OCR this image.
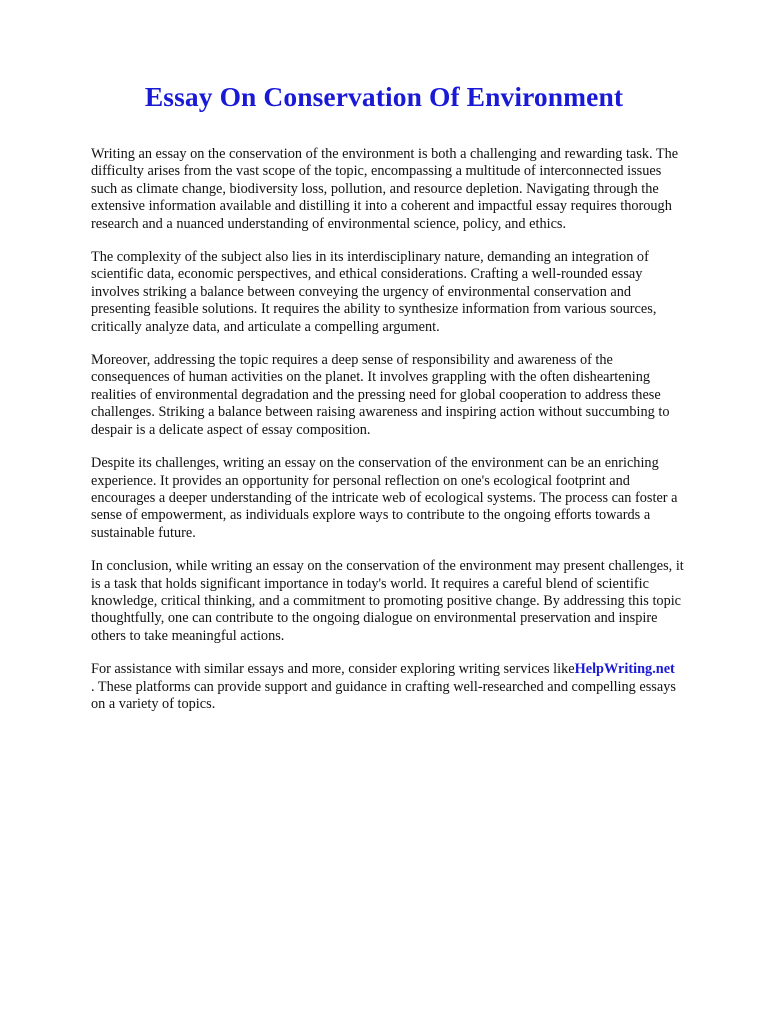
Essay On Conservation Of Environment

Writing an essay on the conservation of the environment is both a challenging and rewarding task. The difficulty arises from the vast scope of the topic, encompassing a multitude of interconnected issues such as climate change, biodiversity loss, pollution, and resource depletion. Navigating through the extensive information available and distilling it into a coherent and impactful essay requires thorough research and a nuanced understanding of environmental science, policy, and ethics.

The complexity of the subject also lies in its interdisciplinary nature, demanding an integration of scientific data, economic perspectives, and ethical considerations. Crafting a well-rounded essay involves striking a balance between conveying the urgency of environmental conservation and presenting feasible solutions. It requires the ability to synthesize information from various sources, critically analyze data, and articulate a compelling argument.

Moreover, addressing the topic requires a deep sense of responsibility and awareness of the consequences of human activities on the planet. It involves grappling with the often disheartening realities of environmental degradation and the pressing need for global cooperation to address these challenges. Striking a balance between raising awareness and inspiring action without succumbing to despair is a delicate aspect of essay composition.

Despite its challenges, writing an essay on the conservation of the environment can be an enriching experience. It provides an opportunity for personal reflection on one's ecological footprint and encourages a deeper understanding of the intricate web of ecological systems. The process can foster a sense of empowerment, as individuals explore ways to contribute to the ongoing efforts towards a sustainable future.

In conclusion, while writing an essay on the conservation of the environment may present challenges, it is a task that holds significant importance in today's world. It requires a careful blend of scientific knowledge, critical thinking, and a commitment to promoting positive change. By addressing this topic thoughtfully, one can contribute to the ongoing dialogue on environmental preservation and inspire others to take meaningful actions.

For assistance with similar essays and more, consider exploring writing services likeHelpWriting.net
. These platforms can provide support and guidance in crafting well-researched and compelling essays on a variety of topics.
